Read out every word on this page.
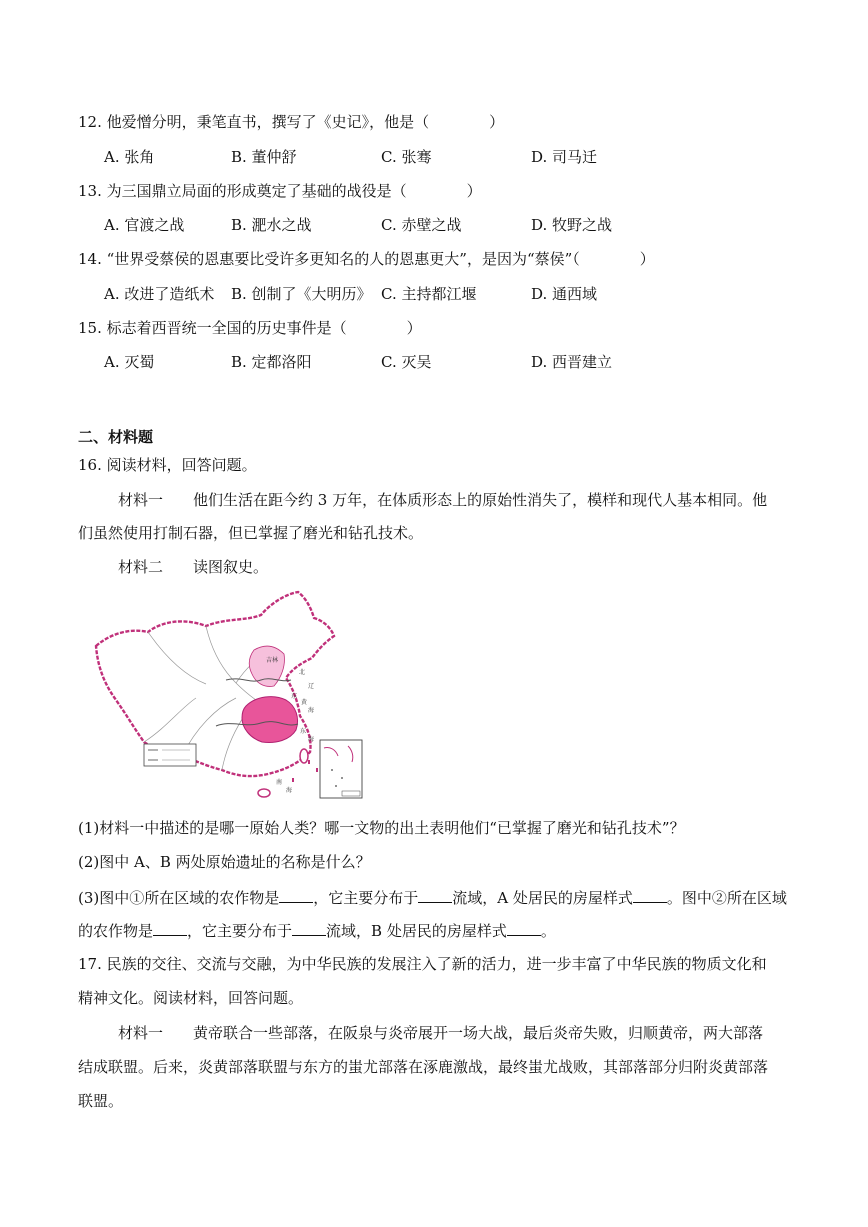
12. 他爱憎分明，秉笔直书，撰写了《史记》，他是（　　　　）
A. 张角	B. 董仲舒	C. 张骞	D. 司马迁
13. 为三国鼎立局面的形成奠定了基础的战役是（　　　　）
A. 官渡之战	B. 淝水之战	C. 赤壁之战	D. 牧野之战
14. “世界受蔡侯的恩惠要比受许多更知名的人的恩惠更大”，是因为“蔡侯”（　　　　）
A. 改进了造纸术 B. 创制了《大明历》 C. 主持都江堰	D. 通西域
15. 标志着西晋统一全国的历史事件是（　　　　）
A. 灭蜀	B. 定都洛阳	C. 灭吴	D. 西晋建立
二、材料题
16. 阅读材料，回答问题。
材料一　　他们生活在距今约 3 万年，在体质形态上的原始性消失了，模样和现代人基本相同。他
们虽然使用打制石器，但已掌握了磨光和钻孔技术。
材料二　　读图叙史。
吉林
北
辽
东
黄
海
东
海
南
海
(1)材料一中描述的是哪一原始人类？哪一文物的出土表明他们“已掌握了磨光和钻孔技术”？
(2)图中 A、B 两处原始遗址的名称是什么？
(3)图中①所在区域的农作物是 ，它主要分布于 流域，A 处居民的房屋样式 。图中②所在区域
的农作物是 ，它主要分布于 流域，B 处居民的房屋样式 。
17. 民族的交往、交流与交融，为中华民族的发展注入了新的活力，进一步丰富了中华民族的物质文化和
精神文化。阅读材料，回答问题。
材料一　　黄帝联合一些部落，在阪泉与炎帝展开一场大战，最后炎帝失败，归顺黄帝，两大部落
结成联盟。后来，炎黄部落联盟与东方的蚩尤部落在涿鹿激战，最终蚩尤战败，其部落部分归附炎黄部落
联盟。
